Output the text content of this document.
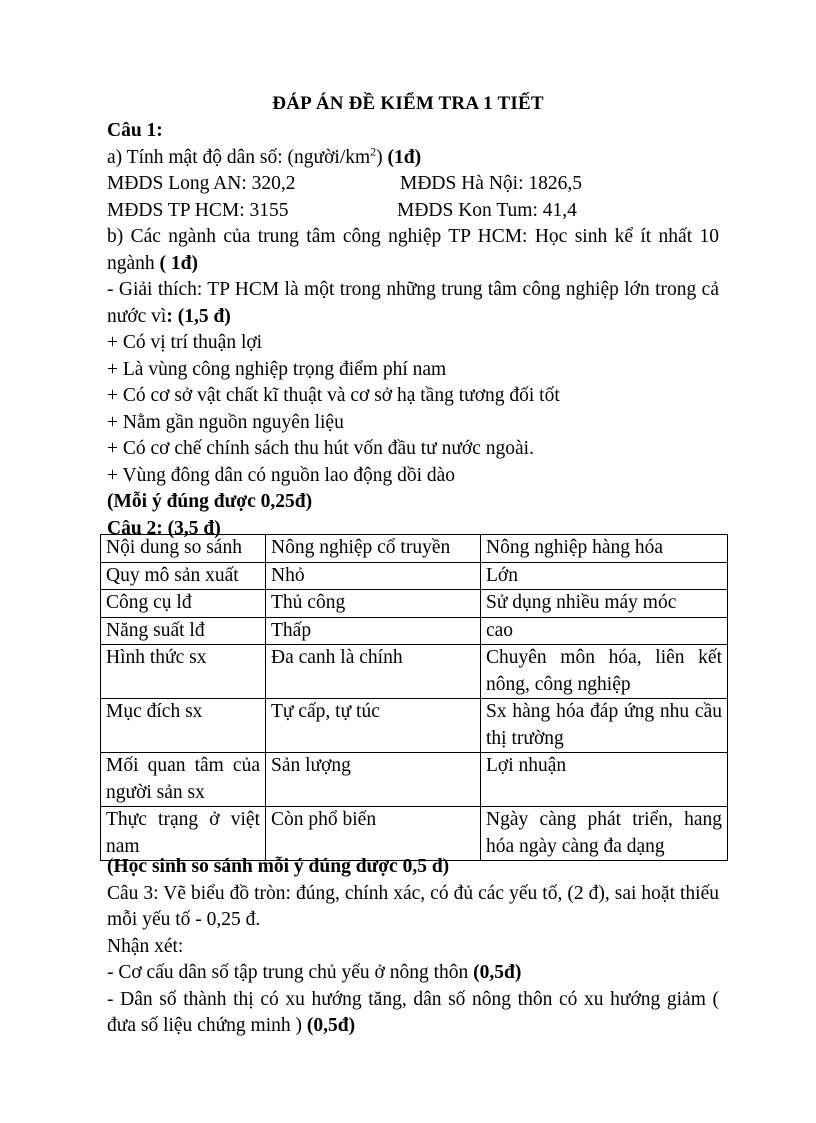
ĐÁP ÁN ĐỀ KIỂM TRA 1 TIẾT
Câu 1:
a) Tính mật độ dân số: $(người/km^2)$ (1đ)
MĐDS Long AN: 320,2	MĐDS Hà Nội: 1826,5
MĐDS TP HCM: 3155	MĐDS Kon Tum: 41,4
b) Các ngành của trung tâm công nghiệp TP HCM: Học sinh kể ít nhất 10 ngành ( 1đ)
- Giải thích: TP HCM là một trong những trung tâm công nghiệp lớn trong cả nước vì: (1,5 đ)
+ Có vị trí thuận lợi
+ Là vùng công nghiệp trọng điểm phí nam
+ Có cơ sở vật chất kĩ thuật và cơ sở hạ tầng tương đối tốt
+ Nằm gần nguồn nguyên liệu
+ Có cơ chế chính sách thu hút vốn đầu tư nước ngoài.
+ Vùng đông dân có nguồn lao động dồi dào
(Mỗi ý đúng được 0,25đ)
Câu 2: (3,5 đ)
Nội dung so sánh	Nông nghiệp cổ truyền	Nông nghiệp hàng hóa
Quy mô sản xuất	Nhỏ	Lớn
Công cụ lđ	Thủ công	Sử dụng nhiều máy móc
Năng suất lđ	Thấp	cao
Hình thức sx	Đa canh là chính	Chuyên môn hóa, liên kết nông, công nghiệp
Mục đích sx	Tự cấp, tự túc	Sx hàng hóa đáp ứng nhu cầu thị trường
Mối quan tâm của người sản sx	Sản lượng	Lợi nhuận
Thực trạng ở việt nam	Còn phổ biến	Ngày càng phát triển, hang hóa ngày càng đa dạng
(Học sinh so sánh mỗi ý đúng được 0,5 đ)
Câu 3: Vẽ biểu đồ tròn: đúng, chính xác, có đủ các yếu tố, (2 đ), sai hoặt thiếu mỗi yếu tố - 0,25 đ.
Nhận xét:
- Cơ cấu dân số tập trung chủ yếu ở nông thôn (0,5đ)
- Dân số thành thị có xu hướng tăng, dân số nông thôn có xu hướng giảm ( đưa số liệu chứng minh ) (0,5đ)
